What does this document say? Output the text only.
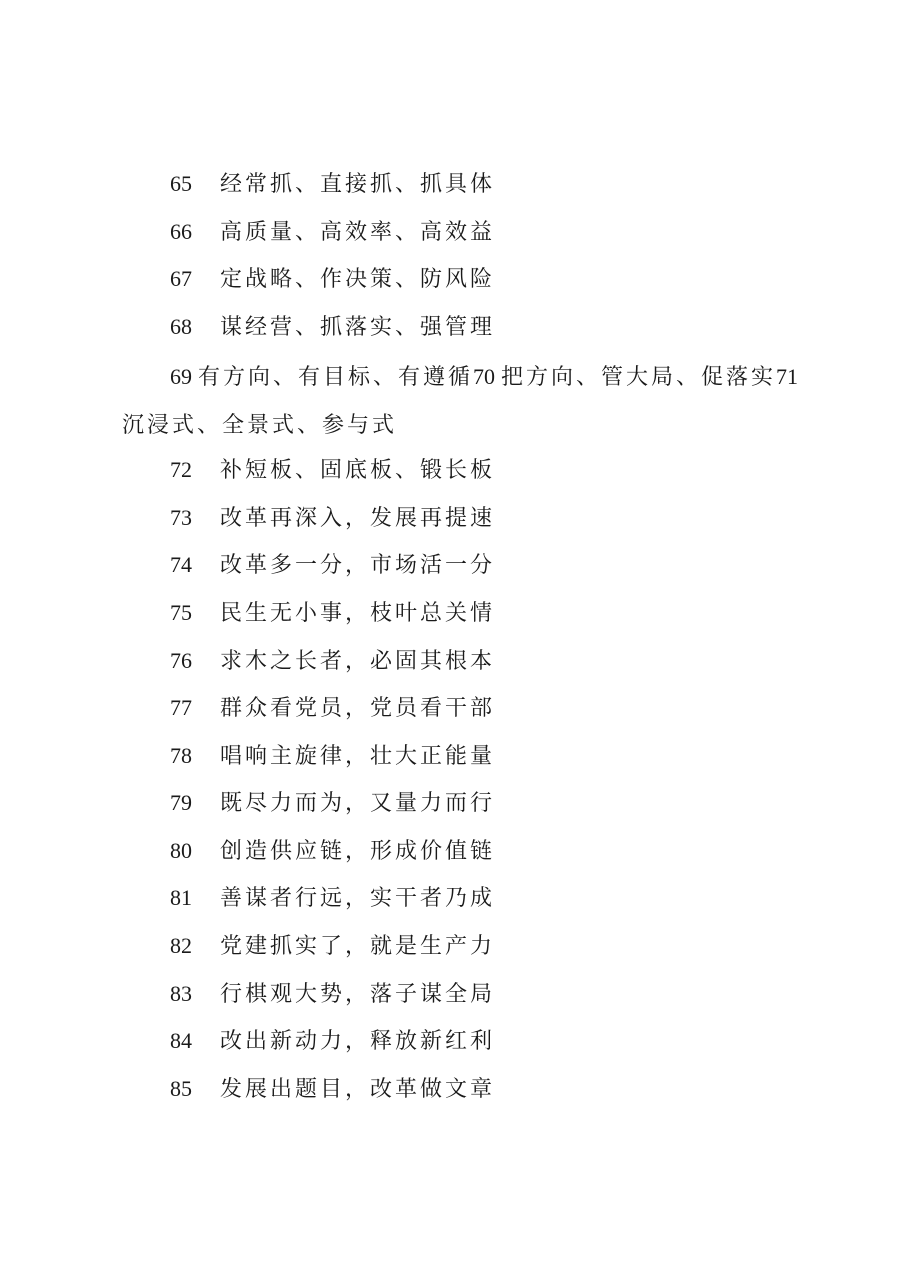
65 经常抓、直接抓、抓具体
66 高质量、高效率、高效益
67 定战略、作决策、防风险
68 谋经营、抓落实、强管理
69 有方向、有目标、有遵循70 把方向、管大局、促落实71沉浸式、全景式、参与式
72 补短板、固底板、锻长板
73 改革再深入，发展再提速
74 改革多一分，市场活一分
75 民生无小事，枝叶总关情
76 求木之长者，必固其根本
77 群众看党员，党员看干部
78 唱响主旋律，壮大正能量
79 既尽力而为，又量力而行
80 创造供应链，形成价值链
81 善谋者行远，实干者乃成
82 党建抓实了，就是生产力
83 行棋观大势，落子谋全局
84 改出新动力，释放新红利
85 发展出题目，改革做文章
